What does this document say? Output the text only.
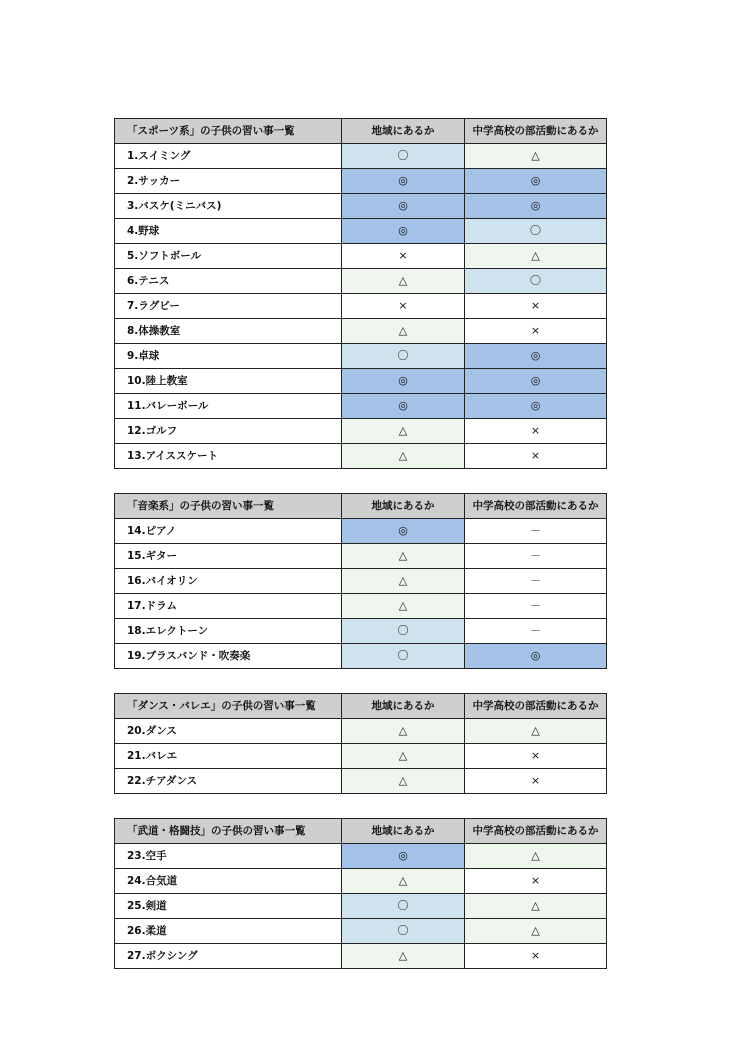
「スポーツ系」の子供の習い事一覧	地域にあるか	中学高校の部活動にあるか
1.スイミング	〇	△
2.サッカー	◎	◎
3.バスケ(ミニバス)	◎	◎
4.野球	◎	〇
5.ソフトボール	×	△
6.テニス	△	〇
7.ラグビー	×	×
8.体操教室	△	×
9.卓球	〇	◎
10.陸上教室	◎	◎
11.バレーボール	◎	◎
12.ゴルフ	△	×
13.アイススケート	△	×
「音楽系」の子供の習い事一覧	地域にあるか	中学高校の部活動にあるか
14.ピアノ	◎	－
15.ギター	△	－
16.バイオリン	△	－
17.ドラム	△	－
18.エレクトーン	〇	－
19.ブラスバンド・吹奏楽	〇	◎
「ダンス・バレエ」の子供の習い事一覧	地域にあるか	中学高校の部活動にあるか
20.ダンス	△	△
21.バレエ	△	×
22.チアダンス	△	×
「武道・格闘技」の子供の習い事一覧	地域にあるか	中学高校の部活動にあるか
23.空手	◎	△
24.合気道	△	×
25.剣道	〇	△
26.柔道	〇	△
27.ボクシング	△	×
